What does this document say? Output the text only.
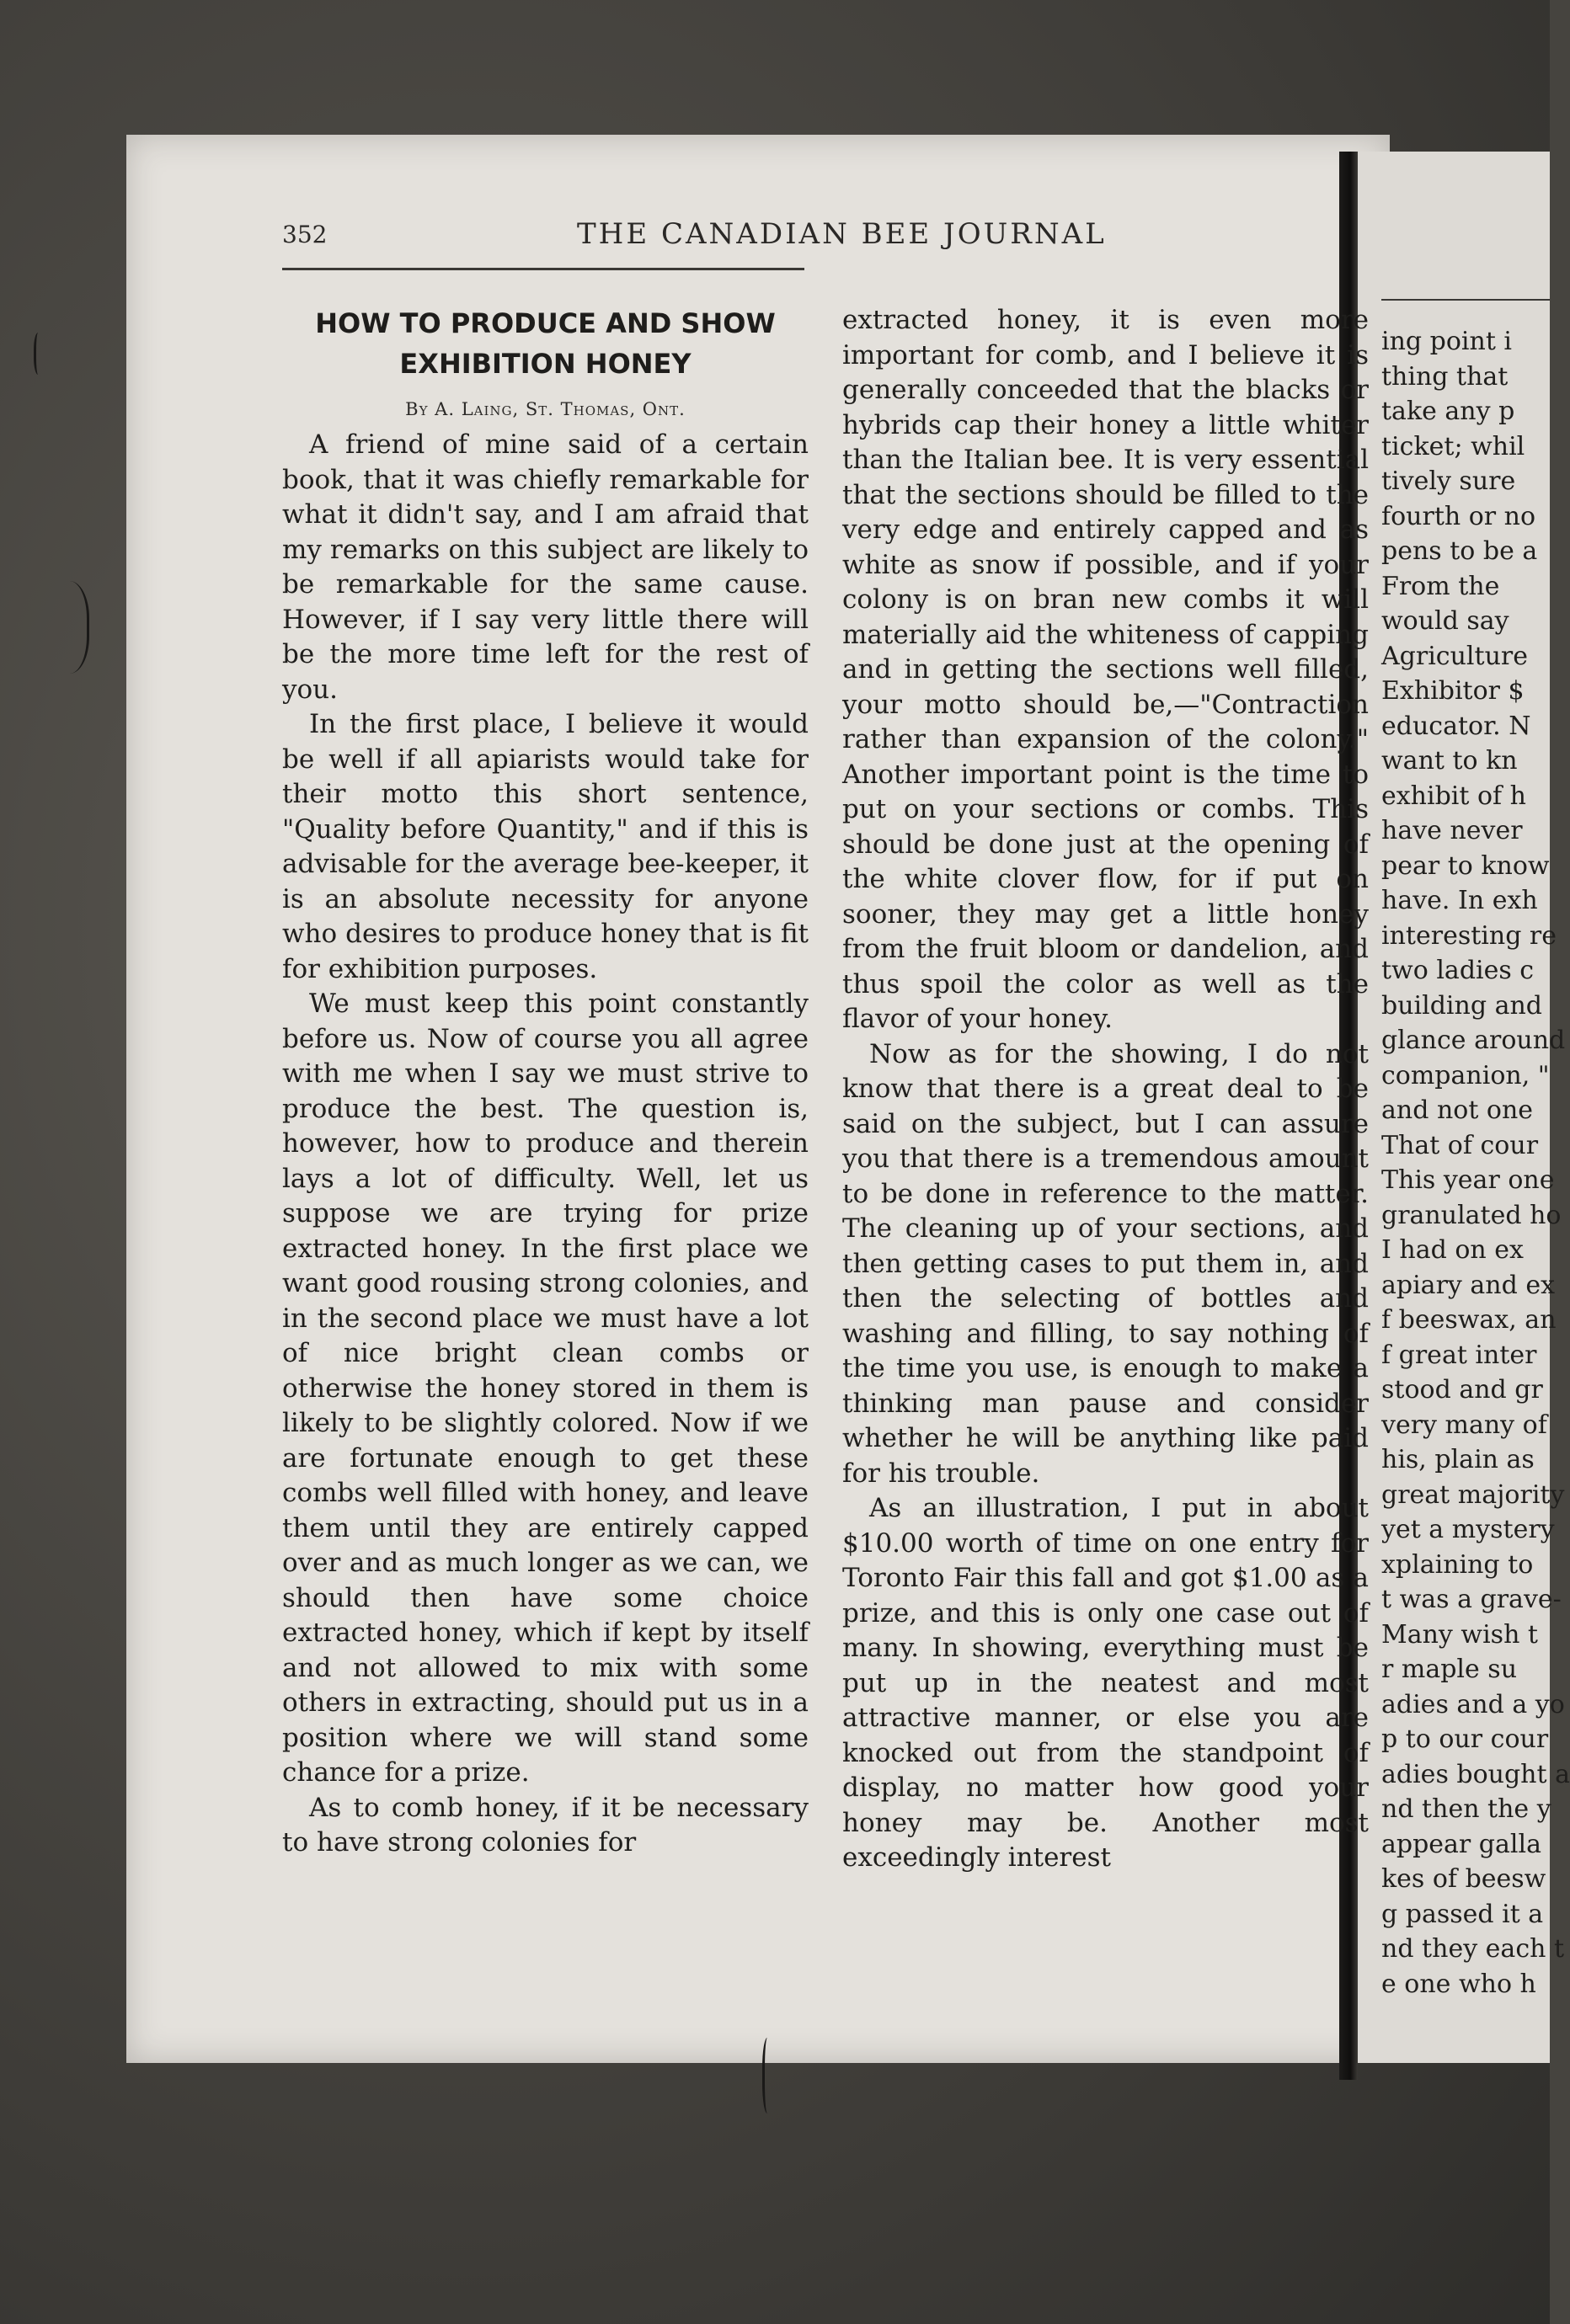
352	THE CANADIAN BEE JOURNAL
HOW TO PRODUCE AND SHOW
EXHIBITION HONEY
By A. Laing, St. Thomas, Ont.

A friend of mine said of a certain book, that it was chiefly remarkable for what it didn't say, and I am afraid that my remarks on this subject are likely to be remarkable for the same cause. However, if I say very little there will be the more time left for the rest of you.

In the first place, I believe it would be well if all apiarists would take for their motto this short sentence, "Quality before Quantity," and if this is advisable for the average bee-keeper, it is an absolute necessity for anyone who desires to produce honey that is fit for exhibition purposes.

We must keep this point constantly before us. Now of course you all agree with me when I say we must strive to produce the best. The question is, however, how to produce and therein lays a lot of difficulty. Well, let us suppose we are trying for prize extracted honey. In the first place we want good rousing strong colonies, and in the second place we must have a lot of nice bright clean combs or otherwise the honey stored in them is likely to be slightly colored. Now if we are fortunate enough to get these combs well filled with honey, and leave them until they are entirely capped over and as much longer as we can, we should then have some choice extracted honey, which if kept by itself and not allowed to mix with some others in extracting, should put us in a position where we will stand some chance for a prize.

As to comb honey, if it be necessary to have strong colonies for

extracted honey, it is even more important for comb, and I believe it is generally conceeded that the blacks or hybrids cap their honey a little whiter than the Italian bee. It is very essential that the sections should be filled to the very edge and entirely capped and as white as snow if possible, and if your colony is on bran new combs it will materially aid the whiteness of capping and in getting the sections well filled, your motto should be,—"Contraction rather than expansion of the colony." Another important point is the time to put on your sections or combs. This should be done just at the opening of the white clover flow, for if put on sooner, they may get a little honey from the fruit bloom or dandelion, and thus spoil the color as well as the flavor of your honey.

Now as for the showing, I do not know that there is a great deal to be said on the subject, but I can assure you that there is a tremendous amount to be done in reference to the matter. The cleaning up of your sections, and then getting cases to put them in, and then the selecting of bottles and washing and filling, to say nothing of the time you use, is enough to make a thinking man pause and consider whether he will be anything like paid for his trouble.

As an illustration, I put in about $10.00 worth of time on one entry for Toronto Fair this fall and got $1.00 as a prize, and this is only one case out of many. In showing, everything must be put up in the neatest and most attractive manner, or else you are knocked out from the standpoint of display, no matter how good your honey may be. Another most exceedingly interest

ing point i
thing that
take any p
ticket; whil
tively sure
fourth or no
pens to be a
From the
would say
Agriculture
Exhibitor $
educator. N
want to kn
exhibit of h
have never
pear to know
have. In exh
interesting re
two ladies c
building and
glance around
companion, "
and not one
That of cour
This year one
granulated ho
I had on ex
apiary and ex
f beeswax, an
f great inter
stood and gr
very many of
his, plain as
great majority
yet a mystery
xplaining to
t was a grave-
Many wish t
r maple su
adies and a yo
p to our cour
adies bought a
nd then the y
appear galla
kes of beesw
g passed it a
nd they each t
e one who h
